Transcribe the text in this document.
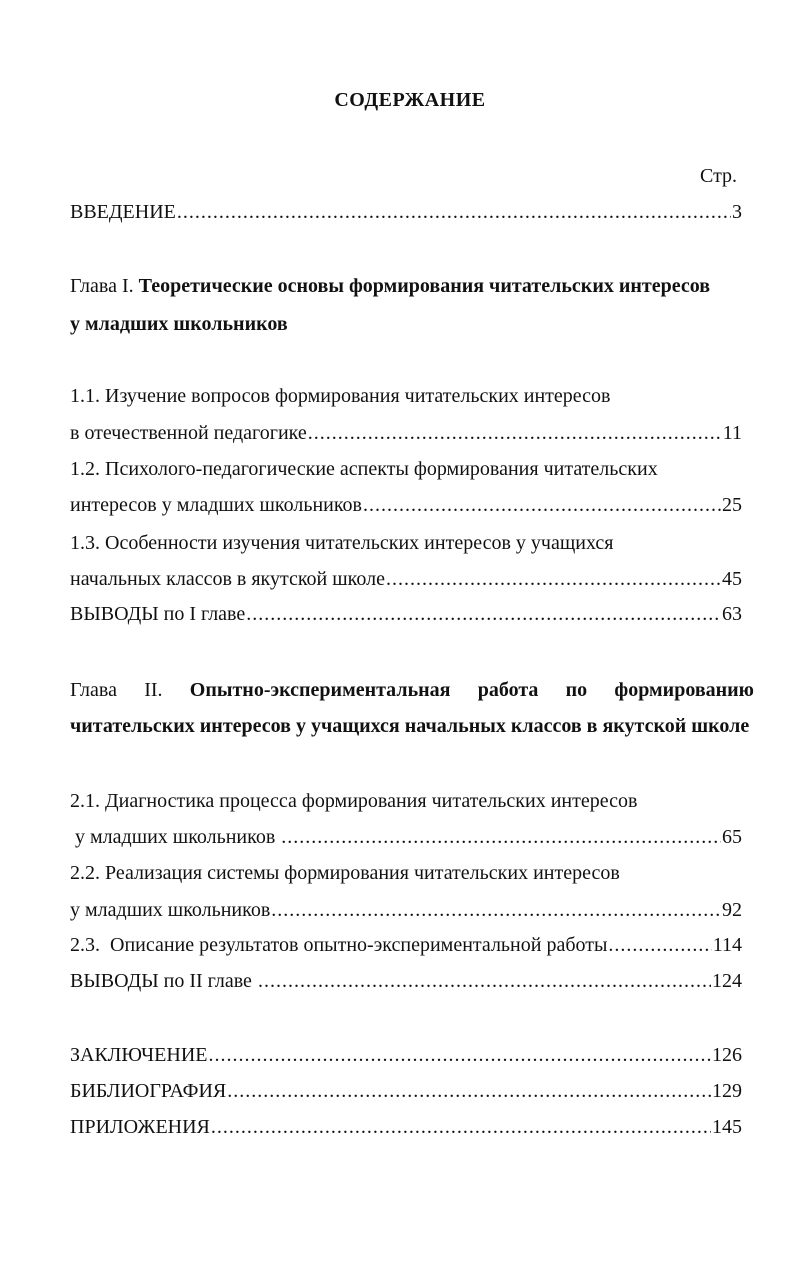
СОДЕРЖАНИЕ
Стр.
ВВЕДЕНИЕ .....	3
Глава I. Теоретические основы формирования читательских интересов
у младших школьников
1.1. Изучение вопросов формирования читательских интересов
в отечественной педагогике .....	11
1.2. Психолого-педагогические аспекты формирования читательских
интересов у младших школьников .....	25
1.3. Особенности изучения читательских интересов у учащихся
начальных классов в якутской школе .....	45
ВЫВОДЫ по I главе .....	63
Глава II. Опытно-экспериментальная работа по формированию
читательских интересов у учащихся начальных классов в якутской школе
2.1. Диагностика процесса формирования читательских интересов
у младших школьников .....	65
2.2. Реализация системы формирования читательских интересов
у младших школьников .....	92
2.3.  Описание результатов опытно-экспериментальной работы .....	114
ВЫВОДЫ по II главе .....	124
ЗАКЛЮЧЕНИЕ .....	126
БИБЛИОГРАФИЯ .....	129
ПРИЛОЖЕНИЯ .....	145
